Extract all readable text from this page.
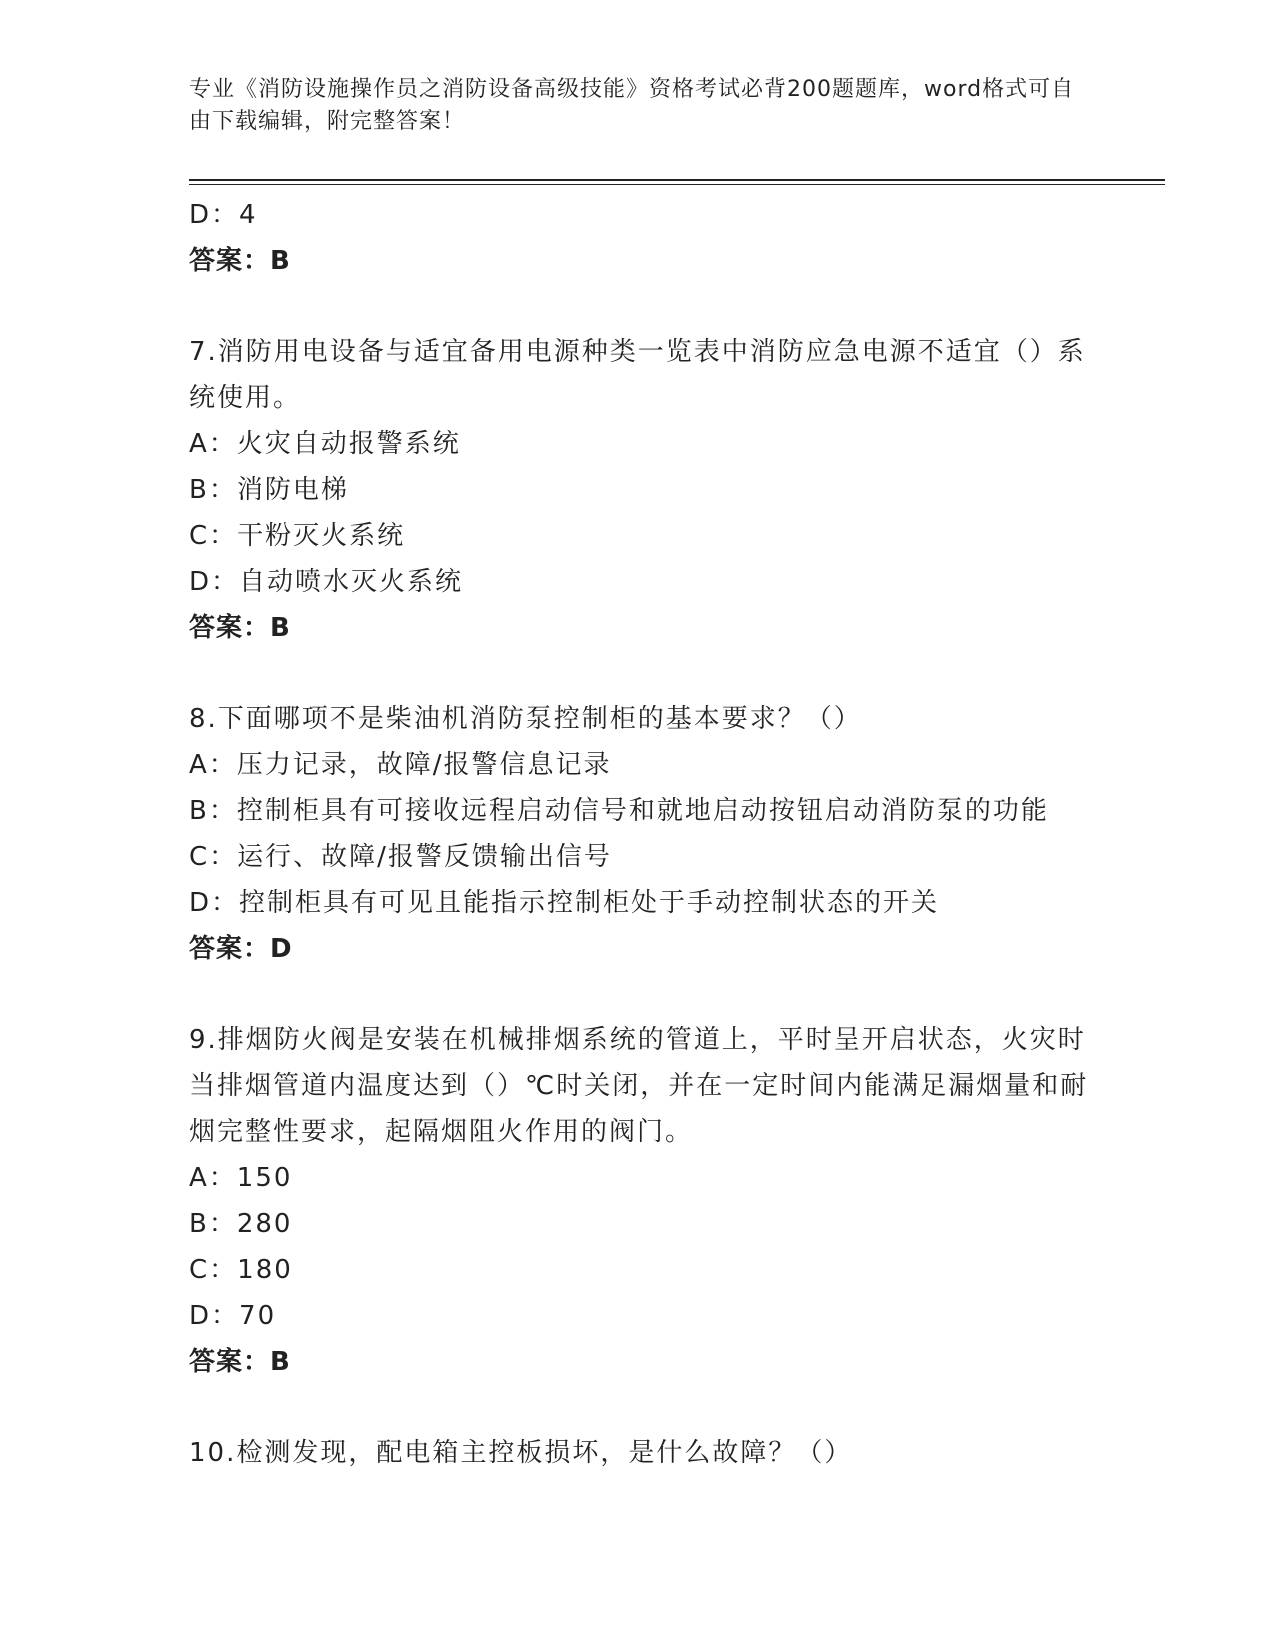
专业《消防设施操作员之消防设备高级技能》资格考试必背200题题库，word格式可自由下载编辑，附完整答案！
D：4
答案：B
7.消防用电设备与适宜备用电源种类一览表中消防应急电源不适宜（）系统使用。
A：火灾自动报警系统
B：消防电梯
C：干粉灭火系统
D：自动喷水灭火系统
答案：B
8.下面哪项不是柴油机消防泵控制柜的基本要求？（）
A：压力记录，故障/报警信息记录
B：控制柜具有可接收远程启动信号和就地启动按钮启动消防泵的功能
C：运行、故障/报警反馈输出信号
D：控制柜具有可见且能指示控制柜处于手动控制状态的开关
答案：D
9.排烟防火阀是安装在机械排烟系统的管道上，平时呈开启状态，火灾时当排烟管道内温度达到（）℃时关闭，并在一定时间内能满足漏烟量和耐烟完整性要求，起隔烟阻火作用的阀门。
A：150
B：280
C：180
D：70
答案：B
10.检测发现，配电箱主控板损坏，是什么故障？（）
